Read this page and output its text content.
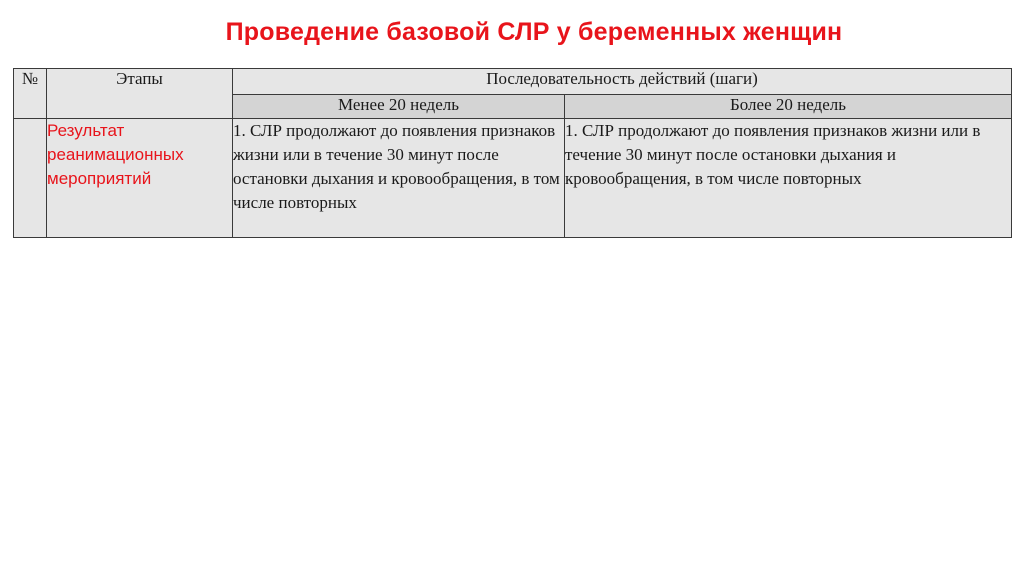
Проведение базовой СЛР у беременных женщин
№	Этапы	Последовательность действий (шаги)	
		Менее 20 недель	Более 20 недель
	Результат реанимационных мероприятий	1. СЛР продолжают до появления признаков жизни или в течение 30 минут после остановки дыхания и кровообращения, в том числе повторных	1. СЛР продолжают до появления признаков жизни или в течение 30 минут после остановки дыхания и кровообращения, в том числе повторных
